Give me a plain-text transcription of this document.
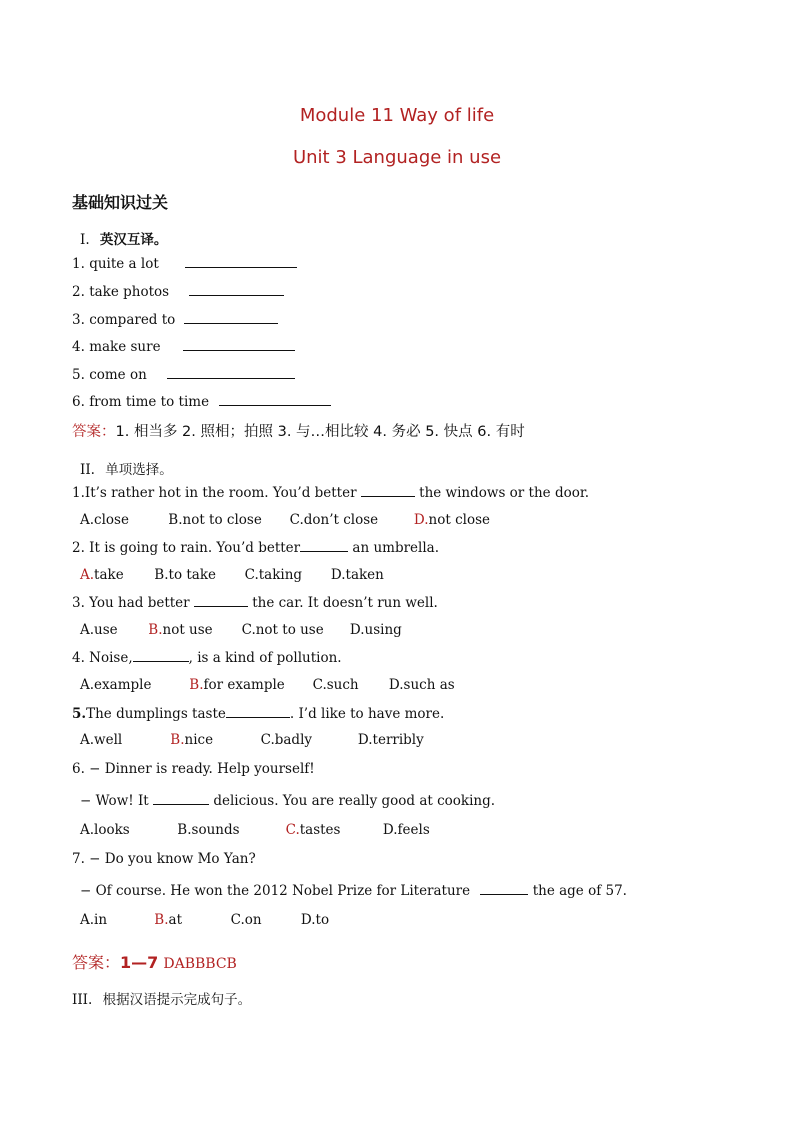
Module 11 Way of life
Unit 3 Language in use
基础知识过关
I. 英汉互译。
1. quite a lot
2. take photos
3. compared to
4. make sure
5. come on
6. from time to time
答案：1. 相当多 2. 照相；拍照 3. 与…相比较 4. 务必 5. 快点 6. 有时
II. 单项选择。
1.It’s rather hot in the room. You’d better	the windows or the door.
A.close	B.not to close C.don’t close	D.not close
2. It is going to rain. You’d better	an umbrella.
A.take B.to take C.taking D.taken
3. You had better	the car. It doesn’t run well.
A.use B.not use C.not to use D.using
4. Noise,	, is a kind of pollution.
A.example	B.for example C.such D.such as
5.The dumplings taste	. I’d like to have more.
A.well	B.nice	C.badly	D.terribly
6. − Dinner is ready. Help yourself!
− Wow! It	delicious. You are really good at cooking.
A.looks	B.sounds	C.tastes	D.feels
7. − Do you know Mo Yan?
− Of course. He won the 2012 Nobel Prize for Literature	the age of 57.
A.in	B.at	C.on	D.to
答案：1—7 DABBBCB
III. 根据汉语提示完成句子。
